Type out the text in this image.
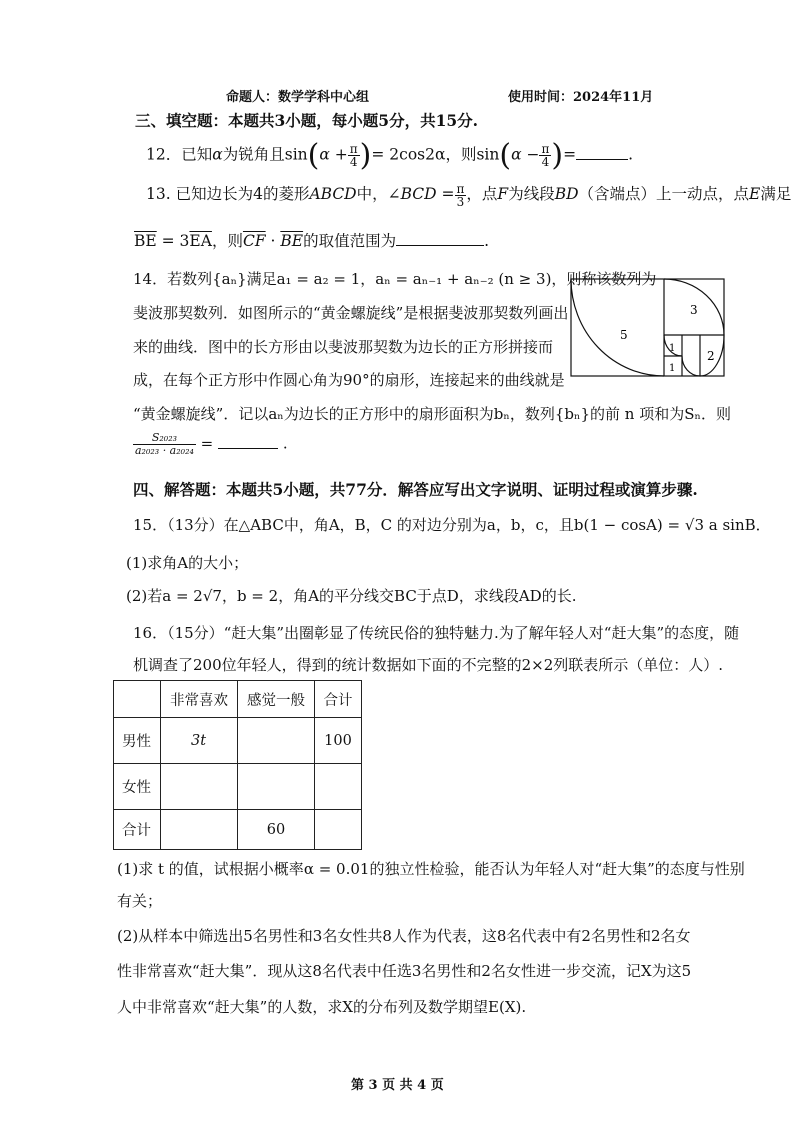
命题人：数学学科中心组	使用时间：2024年11月
三、填空题：本题共3小题，每小题5分，共15分.
12．已知α为锐角且$\sin(\alpha + \frac{\pi}{4}$ )= 2cos2α，则$\sin(\alpha - \frac{\pi}{4}$ )=	.
13. 已知边长为4的菱形ABCD中，∠BCD = $\frac{\pi}{3}$ ，点F为线段BD（含端点）上一动点，点E满足
$\overline{BE} = 3\overline{EA}$，则$\overline{CF} \cdot \overline{BE}$的取值范围为	.
14．若数列{aₙ}满足a₁ = a₂ = 1，aₙ = aₙ₋₁ + aₙ₋₂ (n ≥ 3)，则称该数列为
斐波那契数列．如图所示的“黄金螺旋线”是根据斐波那契数列画出
来的曲线．图中的长方形由以斐波那契数为边长的正方形拼接而
成，在每个正方形中作圆心角为90°的扇形，连接起来的曲线就是
“黄金螺旋线”．记以aₙ为边长的正方形中的扇形面积为bₙ，数列{bₙ}的前 n 项和为Sₙ．则
$\frac{\text{S₂₀₂₃}}{\text{a₂₀₂₃ · a₂₀₂₄}}$ =	.
5
3
2
1
1
四、解答题：本题共5小题，共77分．解答应写出文字说明、证明过程或演算步骤.
15．（13分）在△ABC中，角A，B，C 的对边分别为a，b，c，且b(1 − cosA) = √3 a sinB．
(1)求角A的大小；
(2)若a = 2√7，b = 2，角A的平分线交BC于点D，求线段AD的长.
16．（15分）“赶大集”出圈彰显了传统民俗的独特魅力.为了解年轻人对“赶大集”的态度，随
机调查了200位年轻人，得到的统计数据如下面的不完整的2×2列联表所示（单位：人）.
	非常喜欢	感觉一般	合计
男性	3t		100
女性			
合计		60	
(1)求 t 的值，试根据小概率α = 0.01的独立性检验，能否认为年轻人对“赶大集”的态度与性别
有关；
(2)从样本中筛选出5名男性和3名女性共8人作为代表，这8名代表中有2名男性和2名女
性非常喜欢“赶大集”．现从这8名代表中任选3名男性和2名女性进一步交流，记X为这5
人中非常喜欢“赶大集”的人数，求X的分布列及数学期望E(X).
第 3 页 共 4 页
